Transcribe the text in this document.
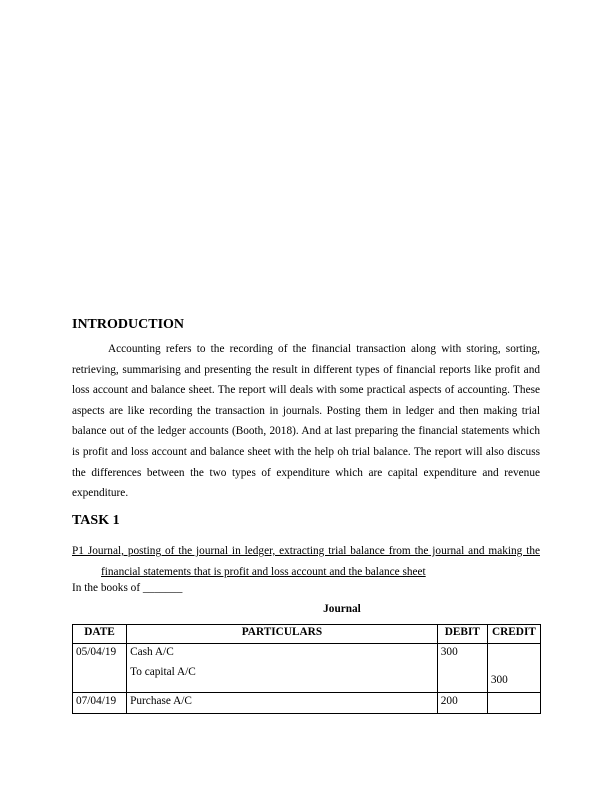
INTRODUCTION

Accounting refers to the recording of the financial transaction along with storing, sorting, retrieving, summarising and presenting the result in different types of financial reports like profit and loss account and balance sheet. The report will deals with some practical aspects of accounting. These aspects are like recording the transaction in journals. Posting them in ledger and then making trial balance out of the ledger accounts (Booth, 2018). And at last preparing the financial statements which is profit and loss account and balance sheet with the help oh trial balance. The report will also discuss the differences between the two types of expenditure which are capital expenditure and revenue expenditure.

TASK 1

P1 Journal, posting of the journal in ledger, extracting trial balance from the journal and making the financial statements that is profit and loss account and the balance sheet

In the books of _______

Journal

DATE	PARTICULARS	DEBIT	CREDIT
05/04/19	Cash A/C	300	
	To capital A/C		300
07/04/19	Purchase A/C	200	
